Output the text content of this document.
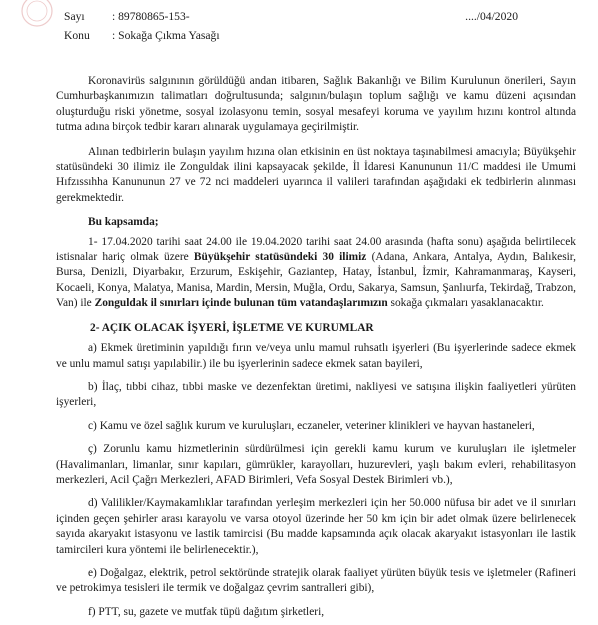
Sayı : 89780865-153-
Konu : Sokağa Çıkma Yasağı
..../04/2020

Koronavirüs salgınının görüldüğü andan itibaren, Sağlık Bakanlığı ve Bilim Kurulunun önerileri, Sayın Cumhurbaşkanımızın talimatları doğrultusunda; salgının/bulaşın toplum sağlığı ve kamu düzeni açısından oluşturduğu riski yönetme, sosyal izolasyonu temin, sosyal mesafeyi koruma ve yayılım hızını kontrol altında tutma adına birçok tedbir kararı alınarak uygulamaya geçirilmiştir.

Alınan tedbirlerin bulaşın yayılım hızına olan etkisinin en üst noktaya taşınabilmesi amacıyla; Büyükşehir statüsündeki 30 ilimiz ile Zonguldak ilini kapsayacak şekilde, İl İdaresi Kanununun 11/C maddesi ile Umumi Hıfzıssıhha Kanununun 27 ve 72 nci maddeleri uyarınca il valileri tarafından aşağıdaki ek tedbirlerin alınması gerekmektedir.

Bu kapsamda;

1- 17.04.2020 tarihi saat 24.00 ile 19.04.2020 tarihi saat 24.00 arasında (hafta sonu) aşağıda belirtilecek istisnalar hariç olmak üzere Büyükşehir statüsündeki 30 ilimiz (Adana, Ankara, Antalya, Aydın, Balıkesir, Bursa, Denizli, Diyarbakır, Erzurum, Eskişehir, Gaziantep, Hatay, İstanbul, İzmir, Kahramanmaraş, Kayseri, Kocaeli, Konya, Malatya, Manisa, Mardin, Mersin, Muğla, Ordu, Sakarya, Samsun, Şanlıurfa, Tekirdağ, Trabzon, Van) ile Zonguldak il sınırları içinde bulunan tüm vatandaşlarımızın sokağa çıkmaları yasaklanacaktır.

2- AÇIK OLACAK İŞYERİ, İŞLETME VE KURUMLAR

a) Ekmek üretiminin yapıldığı fırın ve/veya unlu mamul ruhsatlı işyerleri (Bu işyerlerinde sadece ekmek ve unlu mamul satışı yapılabilir.) ile bu işyerlerinin sadece ekmek satan bayileri,

b) İlaç, tıbbi cihaz, tıbbi maske ve dezenfektan üretimi, nakliyesi ve satışına ilişkin faaliyetleri yürüten işyerleri,

c) Kamu ve özel sağlık kurum ve kuruluşları, eczaneler, veteriner klinikleri ve hayvan hastaneleri,

ç) Zorunlu kamu hizmetlerinin sürdürülmesi için gerekli kamu kurum ve kuruluşları ile işletmeler (Havalimanları, limanlar, sınır kapıları, gümrükler, karayolları, huzurevleri, yaşlı bakım evleri, rehabilitasyon merkezleri, Acil Çağrı Merkezleri, AFAD Birimleri, Vefa Sosyal Destek Birimleri vb.),

d) Valilikler/Kaymakamlıklar tarafından yerleşim merkezleri için her 50.000 nüfusa bir adet ve il sınırları içinden geçen şehirler arası karayolu ve varsa otoyol üzerinde her 50 km için bir adet olmak üzere belirlenecek sayıda akaryakıt istasyonu ve lastik tamircisi (Bu madde kapsamında açık olacak akaryakıt istasyonları ile lastik tamircileri kura yöntemi ile belirlenecektir.),

e) Doğalgaz, elektrik, petrol sektöründe stratejik olarak faaliyet yürüten büyük tesis ve işletmeler (Rafineri ve petrokimya tesisleri ile termik ve doğalgaz çevrim santralleri gibi),

f) PTT, su, gazete ve mutfak tüpü dağıtım şirketleri,
